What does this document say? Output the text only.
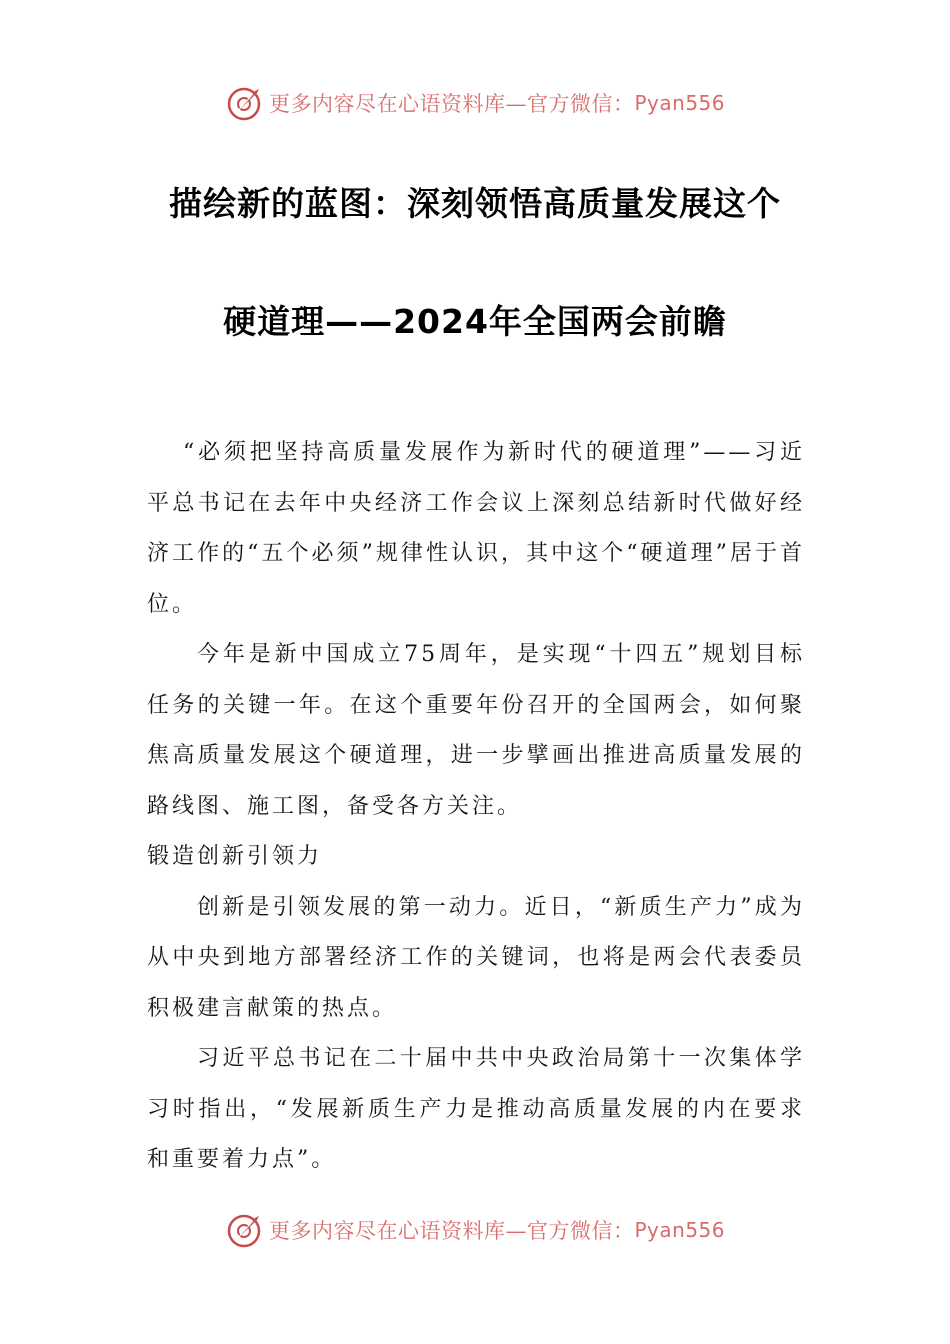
更多内容尽在心语资料库—官方微信： Pyan556
描绘新的蓝图：深刻领悟高质量发展这个
硬道理——2024年全国两会前瞻

“必须把坚持高质量发展作为新时代的硬道理”——习近平总书记在去年中央经济工作会议上深刻总结新时代做好经济工作的“五个必须”规律性认识，其中这个“硬道理”居于首位。

今年是新中国成立75周年，是实现“十四五”规划目标任务的关键一年。在这个重要年份召开的全国两会，如何聚焦高质量发展这个硬道理，进一步擘画出推进高质量发展的路线图、施工图，备受各方关注。

锻造创新引领力

创新是引领发展的第一动力。近日，“新质生产力”成为从中央到地方部署经济工作的关键词，也将是两会代表委员积极建言献策的热点。

习近平总书记在二十届中共中央政治局第十一次集体学习时指出，“发展新质生产力是推动高质量发展的内在要求和重要着力点”。

更多内容尽在心语资料库—官方微信： Pyan556
